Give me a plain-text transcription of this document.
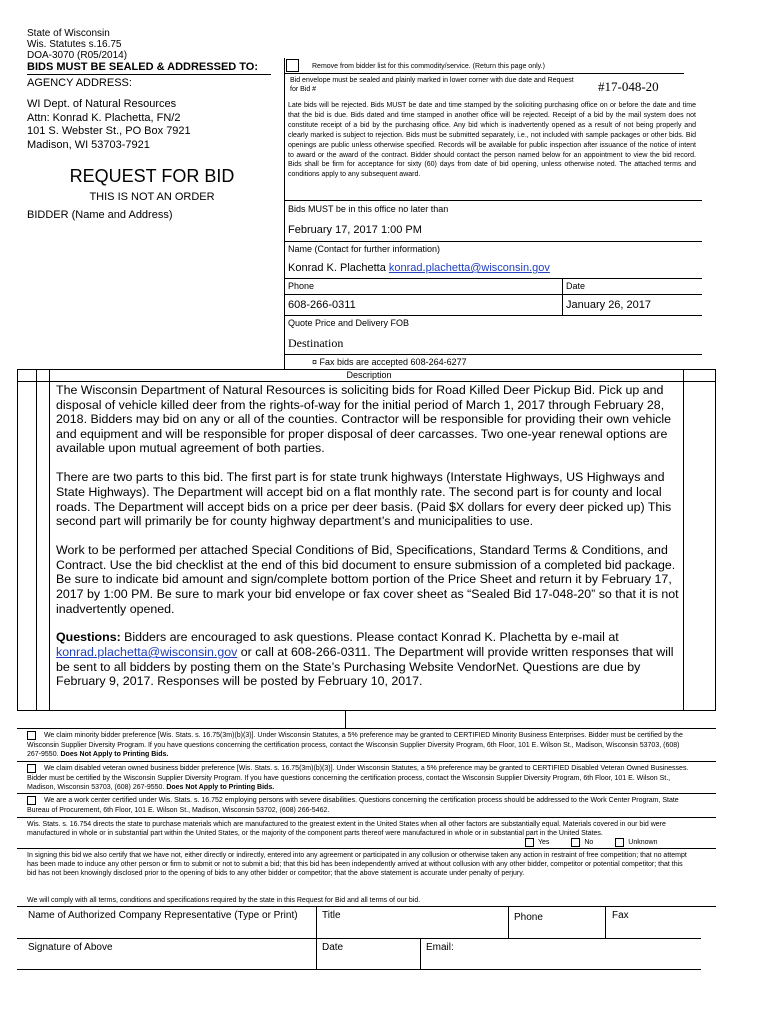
State of Wisconsin
Wis. Statutes s.16.75
DOA-3070 (R05/2014)
BIDS MUST BE SEALED & ADDRESSED TO:
AGENCY ADDRESS:
WI Dept. of Natural Resources
Attn: Konrad K. Plachetta, FN/2
101 S. Webster St., PO Box 7921
Madison, WI 53703-7921
REQUEST FOR BID
THIS IS NOT AN ORDER
BIDDER (Name and Address)
Remove from bidder list for this commodity/service. (Return this page only.)
Bid envelope must be sealed and plainly marked in lower corner with due date and Request for Bid #	#17-048-20
Late bids will be rejected. Bids MUST be date and time stamped by the soliciting purchasing office on or before the date and time that the bid is due. Bids dated and time stamped in another office will be rejected. Receipt of a bid by the mail system does not constitute receipt of a bid by the purchasing office. Any bid which is inadvertently opened as a result of not being properly and clearly marked is subject to rejection. Bids must be submitted separately, i.e., not included with sample packages or other bids. Bid openings are public unless otherwise specified. Records will be available for public inspection after issuance of the notice of intent to award or the award of the contract. Bidder should contact the person named below for an appointment to view the bid record. Bids shall be firm for acceptance for sixty (60) days from date of bid opening, unless otherwise noted. The attached terms and conditions apply to any subsequent award.
Bids MUST be in this office no later than
February 17, 2017 1:00 PM
Name (Contact for further information)
Konrad K. Plachetta konrad.plachetta@wisconsin.gov
Phone	Date
608-266-0311	January 26, 2017
Quote Price and Delivery FOB
Destination
¤ Fax bids are accepted 608-264-6277
Description

The Wisconsin Department of Natural Resources is soliciting bids for Road Killed Deer Pickup Bid. Pick up and disposal of vehicle killed deer from the rights-of-way for the initial period of March 1, 2017 through February 28, 2018. Bidders may bid on any or all of the counties. Contractor will be responsible for providing their own vehicle and equipment and will be responsible for proper disposal of deer carcasses. Two one-year renewal options are available upon mutual agreement of both parties.

There are two parts to this bid. The first part is for state trunk highways (Interstate Highways, US Highways and State Highways). The Department will accept bid on a flat monthly rate. The second part is for county and local roads. The Department will accept bids on a price per deer basis. (Paid $X dollars for every deer picked up) This second part will primarily be for county highway department’s and municipalities to use.

Work to be performed per attached Special Conditions of Bid, Specifications, Standard Terms & Conditions, and Contract. Use the bid checklist at the end of this bid document to ensure submission of a completed bid package. Be sure to indicate bid amount and sign/complete bottom portion of the Price Sheet and return it by February 17, 2017 by 1:00 PM. Be sure to mark your bid envelope or fax cover sheet as “Sealed Bid 17-048-20” so that it is not inadvertently opened.

Questions: Bidders are encouraged to ask questions. Please contact Konrad K. Plachetta by e-mail at konrad.plachetta@wisconsin.gov or call at 608-266-0311. The Department will provide written responses that will be sent to all bidders by posting them on the State’s Purchasing Website VendorNet. Questions are due by February 9, 2017. Responses will be posted by February 10, 2017.

We claim minority bidder preference [Wis. Stats. s. 16.75(3m)(b)(3)]. Under Wisconsin Statutes, a 5% preference may be granted to CERTIFIED Minority Business Enterprises. Bidder must be certified by the Wisconsin Supplier Diversity Program. If you have questions concerning the certification process, contact the Wisconsin Supplier Diversity Program, 6th Floor, 101 E. Wilson St., Madison, Wisconsin 53703, (608) 267-9550. Does Not Apply to Printing Bids.
We claim disabled veteran owned business bidder preference [Wis. Stats. s. 16.75(3m)(b)(3)]. Under Wisconsin Statutes, a 5% preference may be granted to CERTIFIED Disabled Veteran Owned Businesses. Bidder must be certified by the Wisconsin Supplier Diversity Program. If you have questions concerning the certification process, contact the Wisconsin Supplier Diversity Program, 6th Floor, 101 E. Wilson St., Madison, Wisconsin 53703, (608) 267-9550. Does Not Apply to Printing Bids.
We are a work center certified under Wis. Stats. s. 16.752 employing persons with severe disabilities. Questions concerning the certification process should be addressed to the Work Center Program, State Bureau of Procurement, 6th Floor, 101 E. Wilson St., Madison, Wisconsin 53702, (608) 266-5462.
Wis. Stats. s. 16.754 directs the state to purchase materials which are manufactured to the greatest extent in the United States when all other factors are substantially equal. Materials covered in our bid were manufactured in whole or in substantial part within the United States, or the majority of the component parts thereof were manufactured in whole or in substantial part in the United States.
Yes	No	Unknown
In signing this bid we also certify that we have not, either directly or indirectly, entered into any agreement or participated in any collusion or otherwise taken any action in restraint of free competition; that no attempt has been made to induce any other person or firm to submit or not to submit a bid; that this bid has been independently arrived at without collusion with any other bidder, competitor or potential competitor; that this bid has not been knowingly disclosed prior to the opening of bids to any other bidder or competitor; that the above statement is accurate under penalty of perjury.
We will comply with all terms, conditions and specifications required by the state in this Request for Bid and all terms of our bid.
Name of Authorized Company Representative (Type or Print) Title	Phone	Fax
Signature of Above	Date	Email:
